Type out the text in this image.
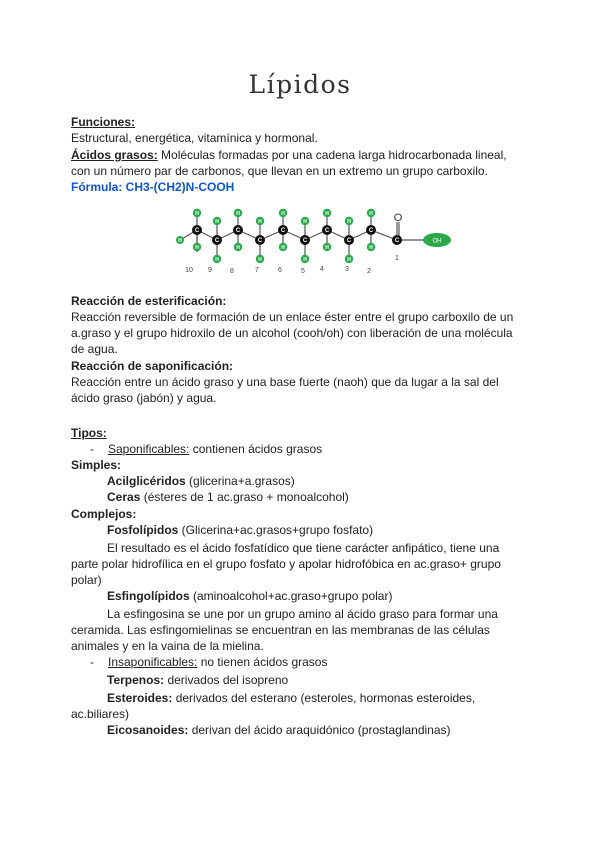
Lípidos
Funciones:
Estructural, energética, vitamínica y hormonal.
Ácidos grasos: Moléculas formadas por una cadena larga hidrocarbonada lineal,
con un número par de carbonos, que llevan en un extremo un grupo carboxilo.
Fórmula: CH3-(CH2)N-COOH
H
H
H
H
H
H
H
H
H
H
H
H
H
H
H
H
H
H
H
C
C
C
C
C
C
C
C
C
C
O
OH
10 9	8	7	6	5 4	3	2
1
Reacción de esterificación:
Reacción reversible de formación de un enlace éster entre el grupo carboxilo de un
a.graso y el grupo hidroxilo de un alcohol (cooh/oh) con liberación de una molécula
de agua.
Reacción de saponificación:
Reacción entre un ácido graso y una base fuerte (naoh) que da lugar a la sal del
ácido graso (jabón) y agua.
Tipos:
- Saponificables: contienen ácidos grasos
Simples:
Acilglicéridos (glicerina+a.grasos)
Ceras (ésteres de 1 ac.graso + monoalcohol)
Complejos:
Fosfolípidos (Glicerina+ac.grasos+grupo fosfato)
El resultado es el ácido fosfatídico que tiene carácter anfipático, tiene una
parte polar hidrofílica en el grupo fosfato y apolar hidrofóbica en ac.graso+ grupo
polar)
Esfingolípidos (aminoalcohol+ac.graso+grupo polar)
La esfingosina se une por un grupo amino al ácido graso para formar una
ceramida. Las esfingomielinas se encuentran en las membranas de las células
animales y en la vaina de la mielina.
- Insaponificables: no tienen ácidos grasos
Terpenos: derivados del isopreno
Esteroides: derivados del esterano (esteroles, hormonas esteroides,
ac.biliares)
Eicosanoides: derivan del ácido araquidónico (prostaglandinas)
